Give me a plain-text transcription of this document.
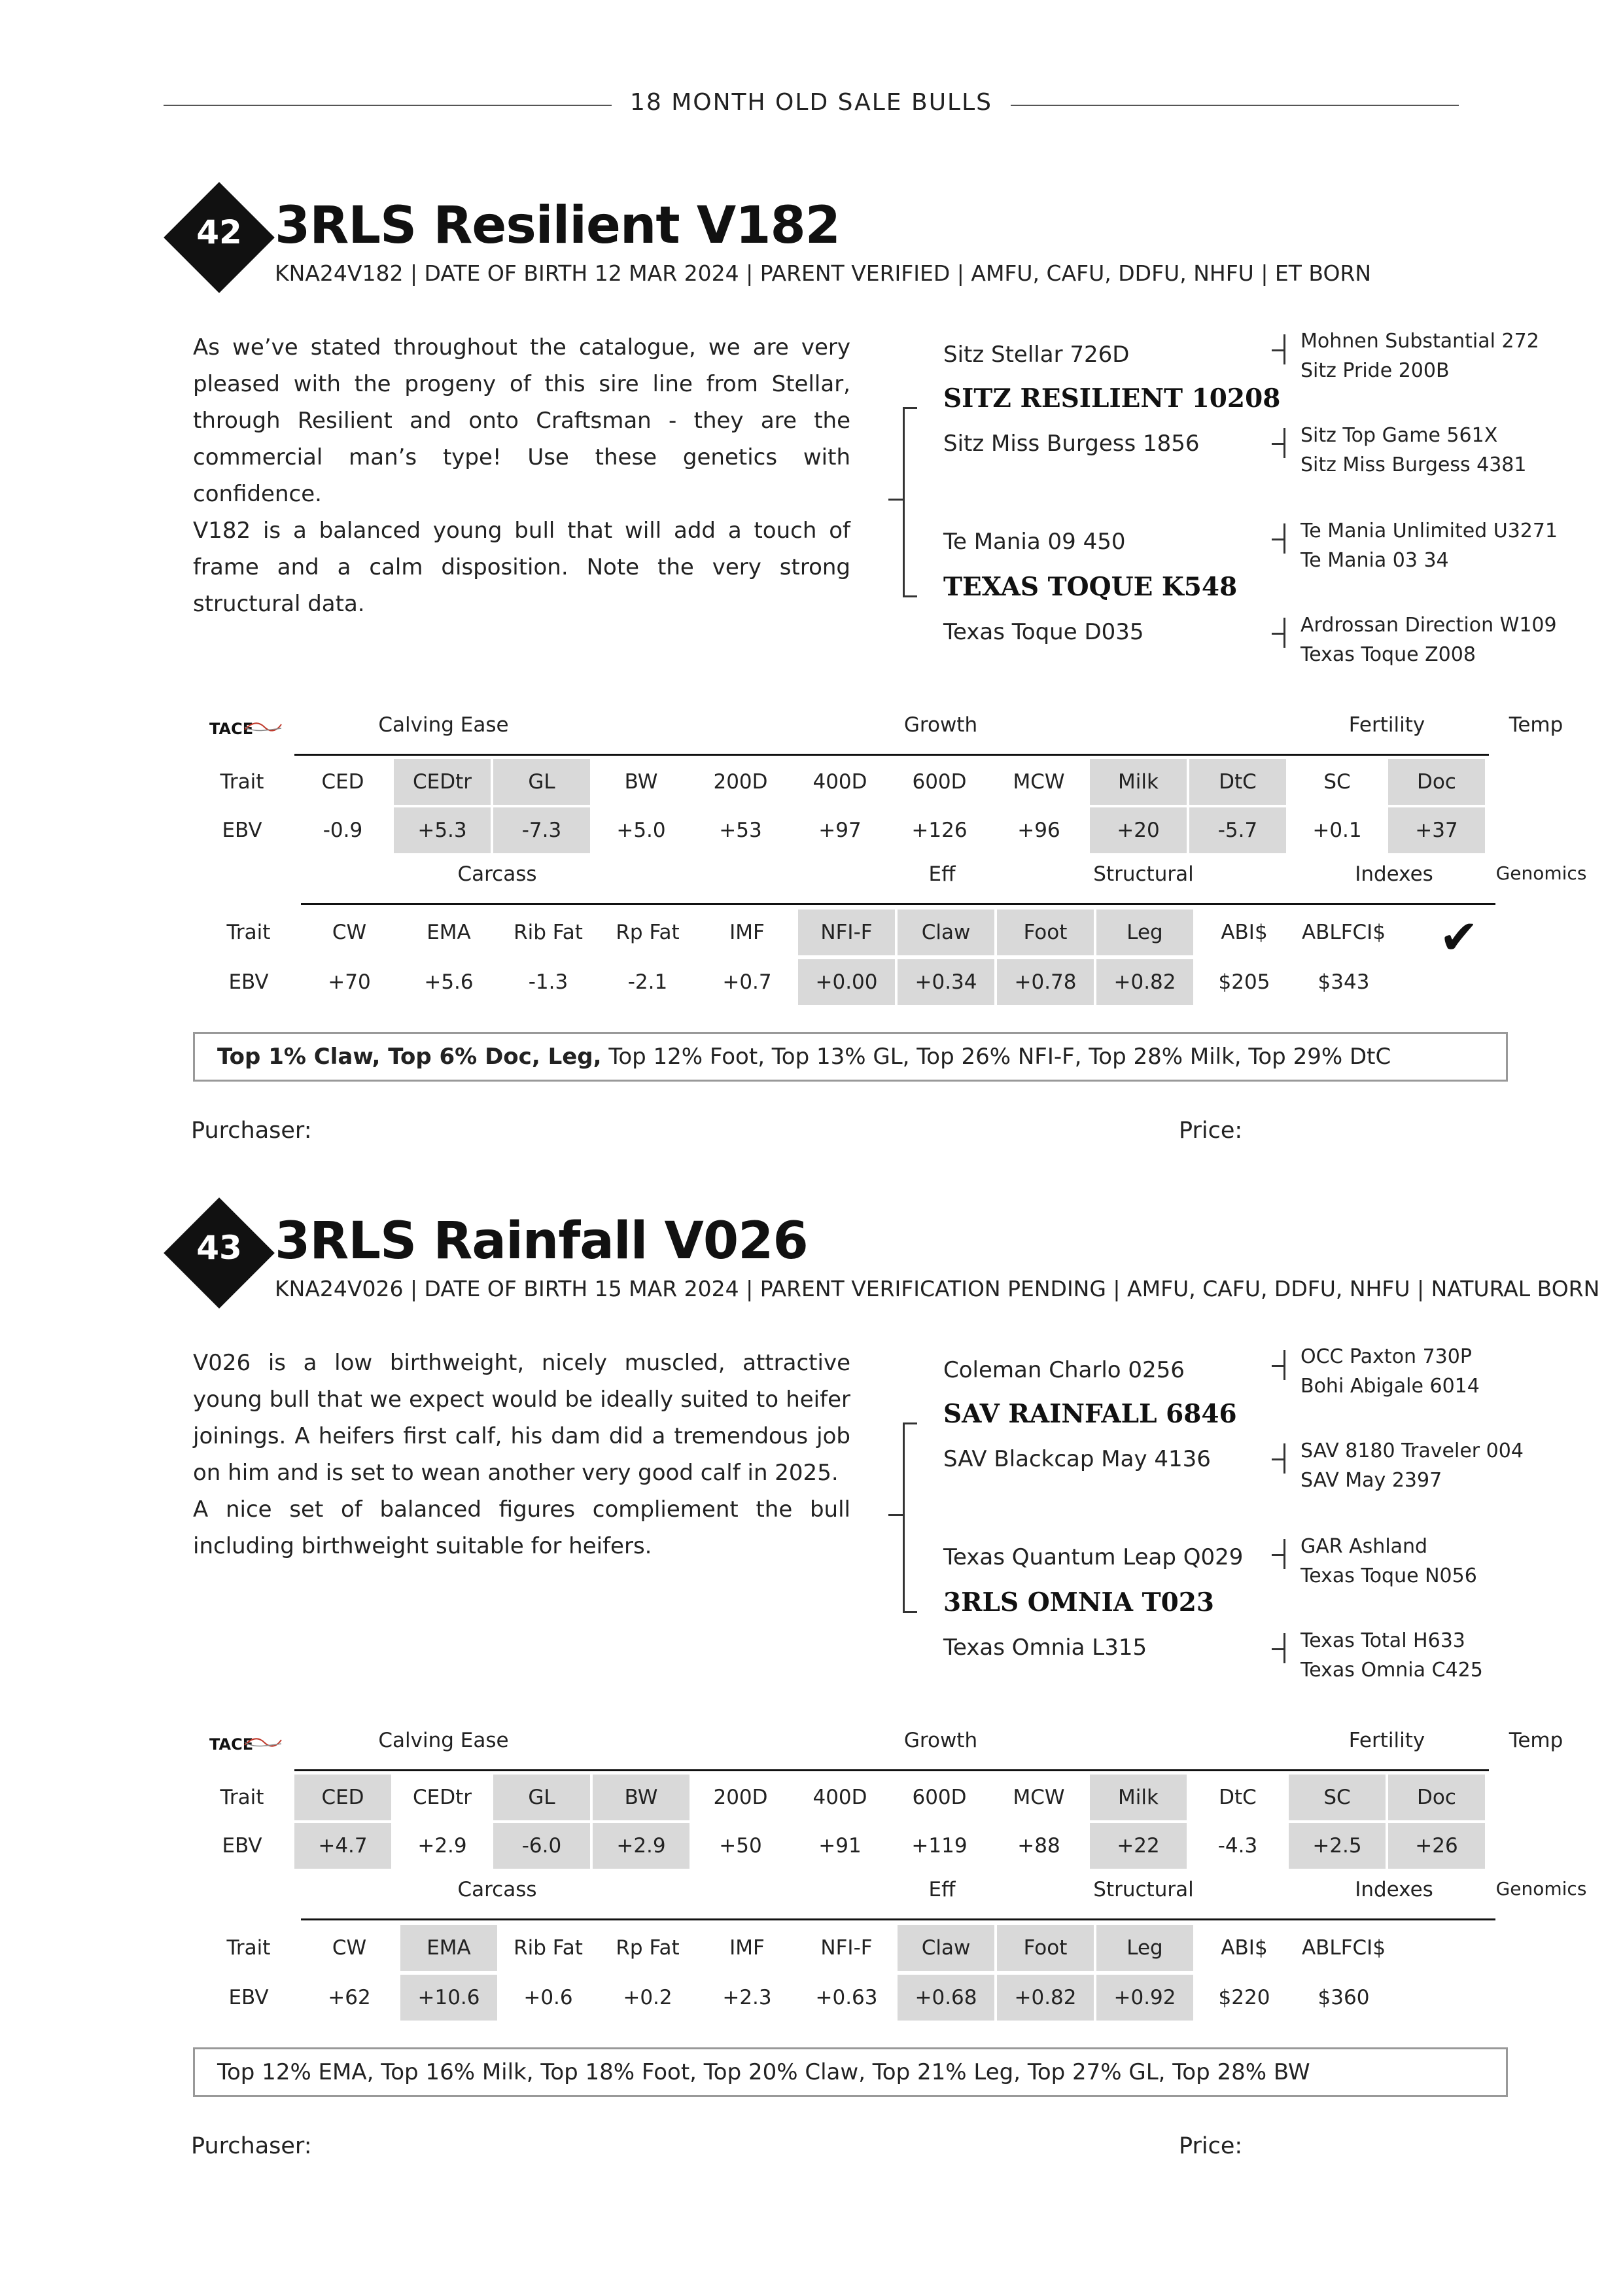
18 MONTH OLD SALE BULLS
42 3RLS Resilient V182
KNA24V182 | DATE OF BIRTH 12 MAR 2024 | PARENT VERIFIED | AMFU, CAFU, DDFU, NHFU | ET BORN

As we’ve stated throughout the catalogue, we are very pleased with the progeny of this sire line from Stellar, through Resilient and onto Craftsman - they are the commercial man’s type! Use these genetics with confidence.

V182 is a balanced young bull that will add a touch of frame and a calm disposition. Note the very strong structural data.

Sitz Stellar 726D
SITZ RESILIENT 10208
Sitz Miss Burgess 1856
Te Mania 09 450
TEXAS TOQUE K548
Texas Toque D035
Mohnen Substantial 272
Sitz Pride 200B
Sitz Top Game 561X
Sitz Miss Burgess 4381
Te Mania Unlimited U3271
Te Mania 03 34
Ardrossan Direction W109
Texas Toque Z008
TACE	Calving Ease	Growth	Fertility	Temp
Trait	CED	CEDtr	GL	BW	200D	400D	600D	MCW	Milk	DtC	SC	Doc
EBV	-0.9	+5.3	-7.3	+5.0	+53	+97	+126	+96	+20	-5.7	+0.1	+37
Carcass	Eff	Structural	Indexes	Genomics
Trait	CW	EMA	Rib Fat	Rp Fat	IMF	NFI-F	Claw	Foot	Leg	ABI$	ABLFCI$
EBV	+70	+5.6	-1.3	-2.1	+0.7	+0.00	+0.34	+0.78	+0.82	$205	$343
✔
Top 1% Claw, Top 6% Doc, Leg, Top 12% Foot, Top 13% GL, Top 26% NFI-F, Top 28% Milk, Top 29% DtC
Purchaser:	Price:
43 3RLS Rainfall V026
KNA24V026 | DATE OF BIRTH 15 MAR 2024 | PARENT VERIFICATION PENDING | AMFU, CAFU, DDFU, NHFU | NATURAL BORN

V026 is a low birthweight, nicely muscled, attractive young bull that we expect would be ideally suited to heifer joinings. A heifers first calf, his dam did a tremendous job on him and is set to wean another very good calf in 2025.

A nice set of balanced figures compliement the bull including birthweight suitable for heifers.

Coleman Charlo 0256
SAV RAINFALL 6846
SAV Blackcap May 4136
Texas Quantum Leap Q029
3RLS OMNIA T023
Texas Omnia L315
OCC Paxton 730P
Bohi Abigale 6014
SAV 8180 Traveler 004
SAV May 2397
GAR Ashland
Texas Toque N056
Texas Total H633
Texas Omnia C425
TACE	Calving Ease	Growth	Fertility	Temp
Trait	CED	CEDtr	GL	BW	200D	400D	600D	MCW	Milk	DtC	SC	Doc
EBV	+4.7	+2.9	-6.0	+2.9	+50	+91	+119	+88	+22	-4.3	+2.5	+26
Carcass	Eff	Structural	Indexes	Genomics
Trait	CW	EMA	Rib Fat	Rp Fat	IMF	NFI-F	Claw	Foot	Leg	ABI$	ABLFCI$
EBV	+62	+10.6	+0.6	+0.2	+2.3	+0.63	+0.68	+0.82	+0.92	$220	$360
Top 12% EMA, Top 16% Milk, Top 18% Foot, Top 20% Claw, Top 21% Leg, Top 27% GL, Top 28% BW
Purchaser:	Price:
